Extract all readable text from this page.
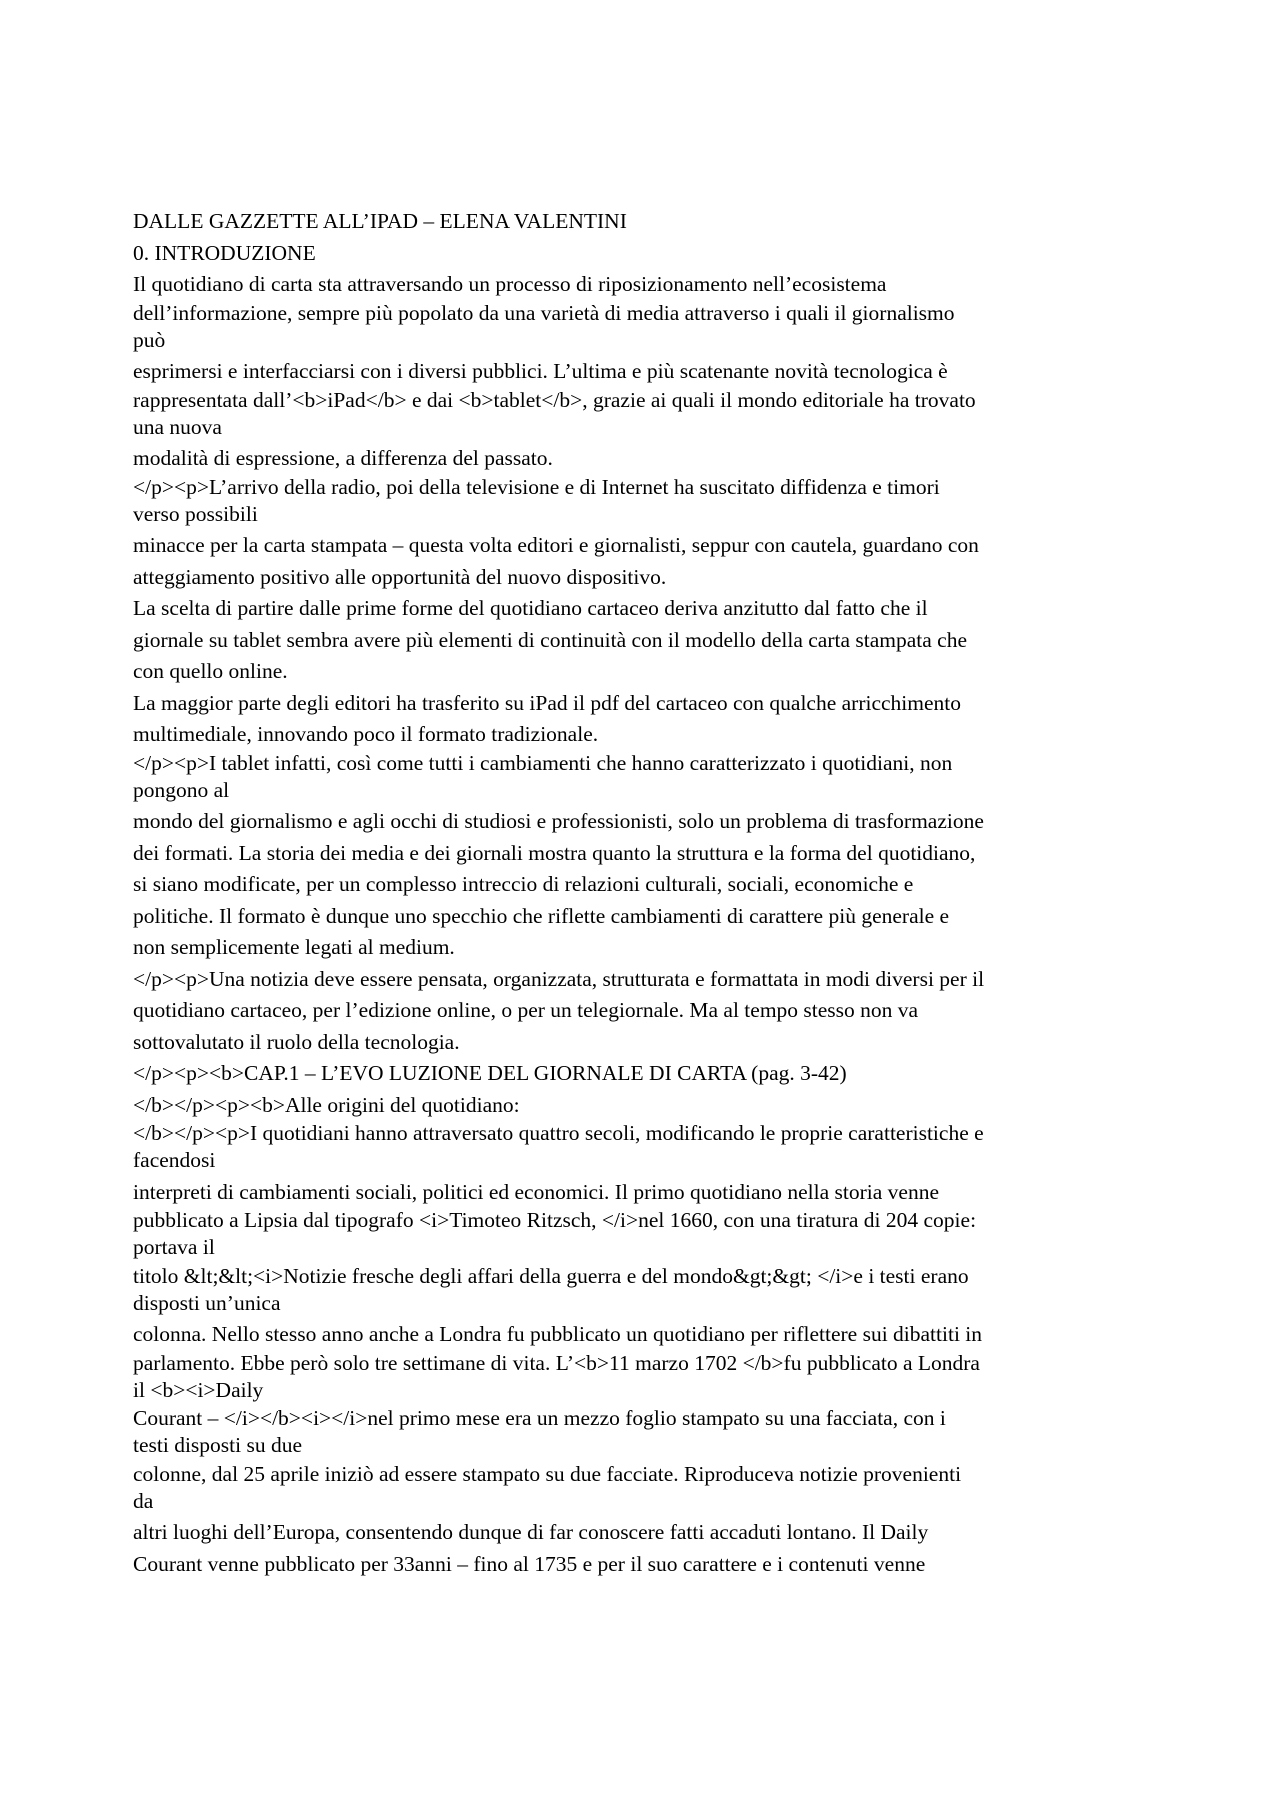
DALLE GAZZETTE ALL’IPAD – ELENA VALENTINI
0. INTRODUZIONE
Il quotidiano di carta sta attraversando un processo di riposizionamento nell’ecosistema
dell’informazione, sempre più popolato da una varietà di media attraverso i quali il giornalismo
può
esprimersi e interfacciarsi con i diversi pubblici. L’ultima e più scatenante novità tecnologica è
rappresentata dall’<b>iPad</b> e dai <b>tablet</b>, grazie ai quali il mondo editoriale ha trovato
una nuova
modalità di espressione, a differenza del passato.
</p><p>L’arrivo della radio, poi della televisione e di Internet ha suscitato diffidenza e timori
verso possibili
minacce per la carta stampata – questa volta editori e giornalisti, seppur con cautela, guardano con
atteggiamento positivo alle opportunità del nuovo dispositivo.
La scelta di partire dalle prime forme del quotidiano cartaceo deriva anzitutto dal fatto che il
giornale su tablet sembra avere più elementi di continuità con il modello della carta stampata che
con quello online.
La maggior parte degli editori ha trasferito su iPad il pdf del cartaceo con qualche arricchimento
multimediale, innovando poco il formato tradizionale.
</p><p>I tablet infatti, così come tutti i cambiamenti che hanno caratterizzato i quotidiani, non
pongono al
mondo del giornalismo e agli occhi di studiosi e professionisti, solo un problema di trasformazione
dei formati. La storia dei media e dei giornali mostra quanto la struttura e la forma del quotidiano,
si siano modificate, per un complesso intreccio di relazioni culturali, sociali, economiche e
politiche. Il formato è dunque uno specchio che riflette cambiamenti di carattere più generale e
non semplicemente legati al medium.
</p><p>Una notizia deve essere pensata, organizzata, strutturata e formattata in modi diversi per il
quotidiano cartaceo, per l’edizione online, o per un telegiornale. Ma al tempo stesso non va
sottovalutato il ruolo della tecnologia.
</p><p><b>CAP.1 – L’EVO LUZIONE DEL GIORNALE DI CARTA (pag. 3-42)
</b></p><p><b>Alle origini del quotidiano:
</b></p><p>I quotidiani hanno attraversato quattro secoli, modificando le proprie caratteristiche e
facendosi
interpreti di cambiamenti sociali, politici ed economici. Il primo quotidiano nella storia venne
pubblicato a Lipsia dal tipografo <i>Timoteo Ritzsch, </i>nel 1660, con una tiratura di 204 copie:
portava il
titolo &lt;&lt;<i>Notizie fresche degli affari della guerra e del mondo&gt;&gt; </i>e i testi erano
disposti un’unica
colonna. Nello stesso anno anche a Londra fu pubblicato un quotidiano per riflettere sui dibattiti in
parlamento. Ebbe però solo tre settimane di vita. L’<b>11 marzo 1702 </b>fu pubblicato a Londra
il <b><i>Daily
Courant – </i></b><i></i>nel primo mese era un mezzo foglio stampato su una facciata, con i
testi disposti su due
colonne, dal 25 aprile iniziò ad essere stampato su due facciate. Riproduceva notizie provenienti
da
altri luoghi dell’Europa, consentendo dunque di far conoscere fatti accaduti lontano. Il Daily
Courant venne pubblicato per 33anni – fino al 1735 e per il suo carattere e i contenuti venne
